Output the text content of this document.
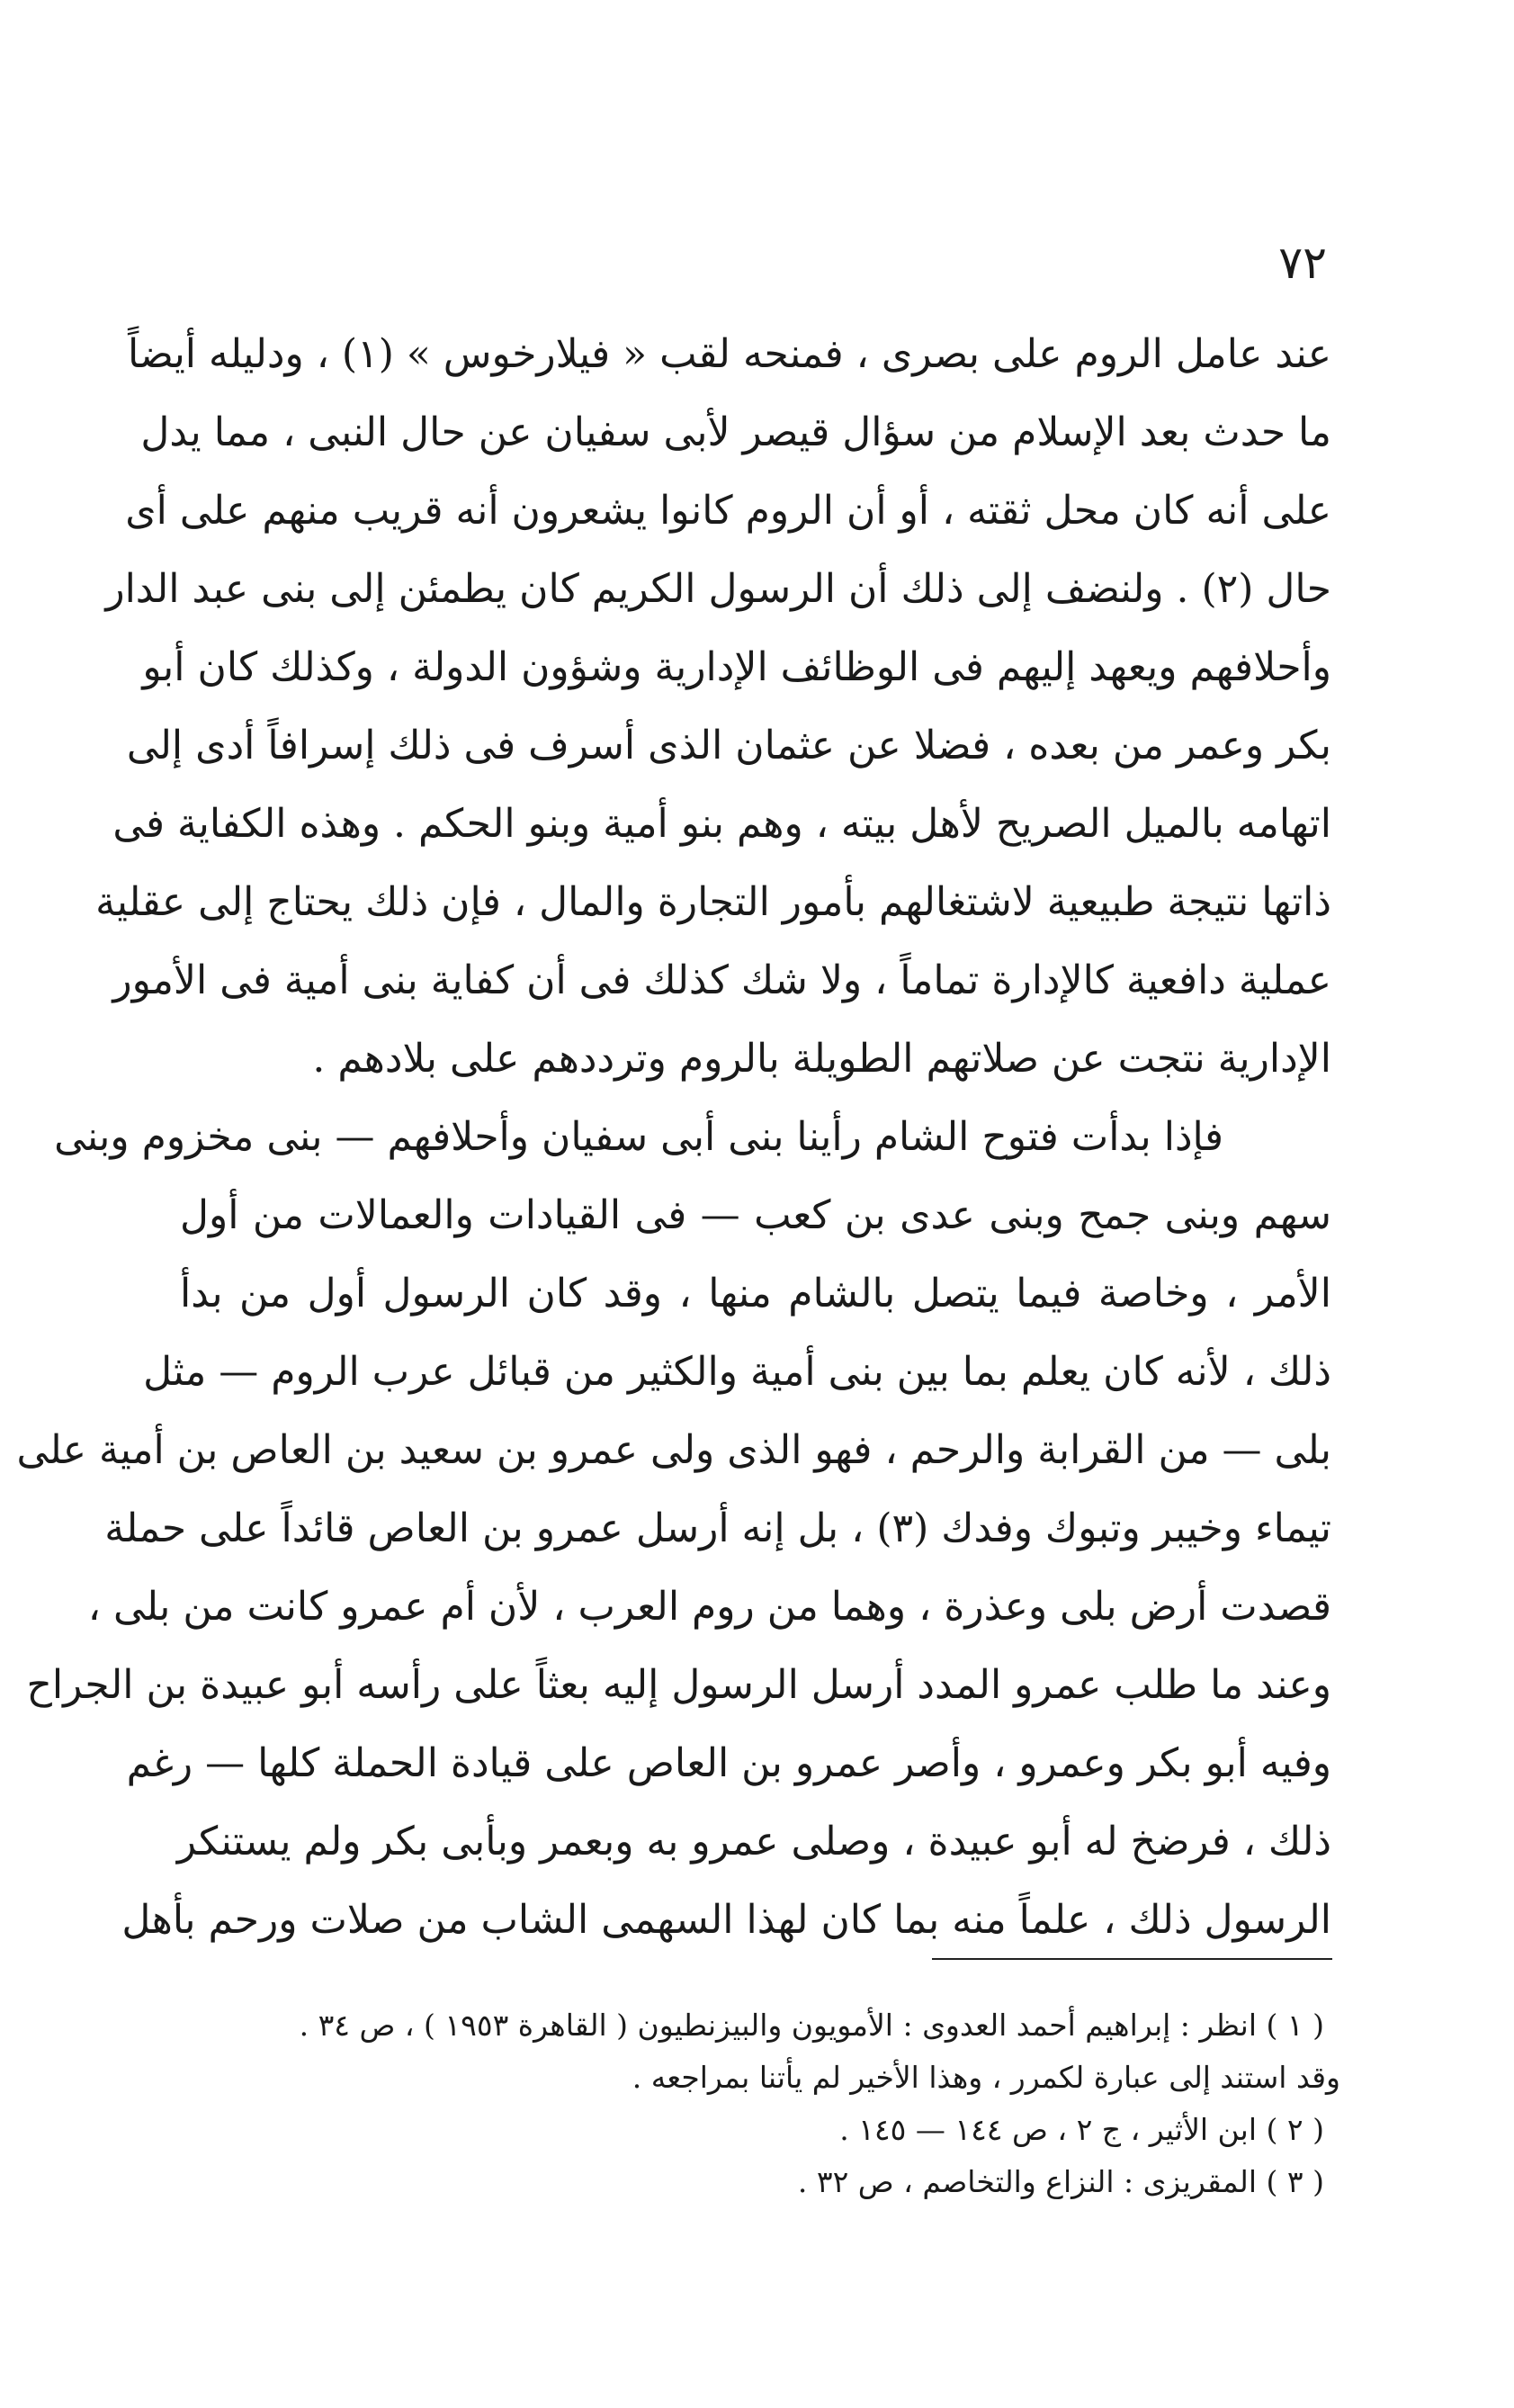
٧٢
عند عامل الروم على بصرى ، فمنحه لقب « فيلارخوس » (١) ، ودليله أيضاً
ما حدث بعد الإسلام من سؤال قيصر لأبى سفيان عن حال النبى ، مما يدل
على أنه كان محل ثقته ، أو أن الروم كانوا يشعرون أنه قريب منهم على أى
حال (٢) . ولنضف إلى ذلك أن الرسول الكريم كان يطمئن إلى بنى عبد الدار
وأحلافهم ويعهد إليهم فى الوظائف الإدارية وشؤون الدولة ، وكذلك كان أبو
بكر وعمر من بعده ، فضلا عن عثمان الذى أسرف فى ذلك إسرافاً أدى إلى
اتهامه بالميل الصريح لأهل بيته ، وهم بنو أمية وبنو الحكم . وهذه الكفاية فى
ذاتها نتيجة طبيعية لاشتغالهم بأمور التجارة والمال ، فإن ذلك يحتاج إلى عقلية
عملية دافعية كالإدارة تماماً ، ولا شك كذلك فى أن كفاية بنى أمية فى الأمور
الإدارية نتجت عن صلاتهم الطويلة بالروم وترددهم على بلادهم .
فإذا بدأت فتوح الشام رأينا بنى أبى سفيان وأحلافهم — بنى مخزوم وبنى
سهم وبنى جمح وبنى عدى بن كعب — فى القيادات والعمالات من أول
الأمر ، وخاصة فيما يتصل بالشام منها ، وقد كان الرسول أول من بدأ
ذلك ، لأنه كان يعلم بما بين بنى أمية والكثير من قبائل عرب الروم — مثل
بلى — من القرابة والرحم ، فهو الذى ولى عمرو بن سعيد بن العاص بن أمية على
تيماء وخيبر وتبوك وفدك (٣) ، بل إنه أرسل عمرو بن العاص قائداً على حملة
قصدت أرض بلى وعذرة ، وهما من روم العرب ، لأن أم عمرو كانت من بلى ،
وعند ما طلب عمرو المدد أرسل الرسول إليه بعثاً على رأسه أبو عبيدة بن الجراح
وفيه أبو بكر وعمرو ، وأصر عمرو بن العاص على قيادة الحملة كلها — رغم
ذلك ، فرضخ له أبو عبيدة ، وصلى عمرو به وبعمر وبأبى بكر ولم يستنكر
الرسول ذلك ، علماً منه بما كان لهذا السهمى الشاب من صلات ورحم بأهل
( ١ ) انظر : إبراهيم أحمد العدوى : الأمويون والبيزنطيون ( القاهرة ١٩٥٣ ) ، ص ٣٤ .
وقد استند إلى عبارة لكمرر ، وهذا الأخير لم يأتنا بمراجعه .
( ٢ ) ابن الأثير ، ج ٢ ، ص ١٤٤ — ١٤٥ .
( ٣ ) المقريزى : النزاع والتخاصم ، ص ٣٢ .
